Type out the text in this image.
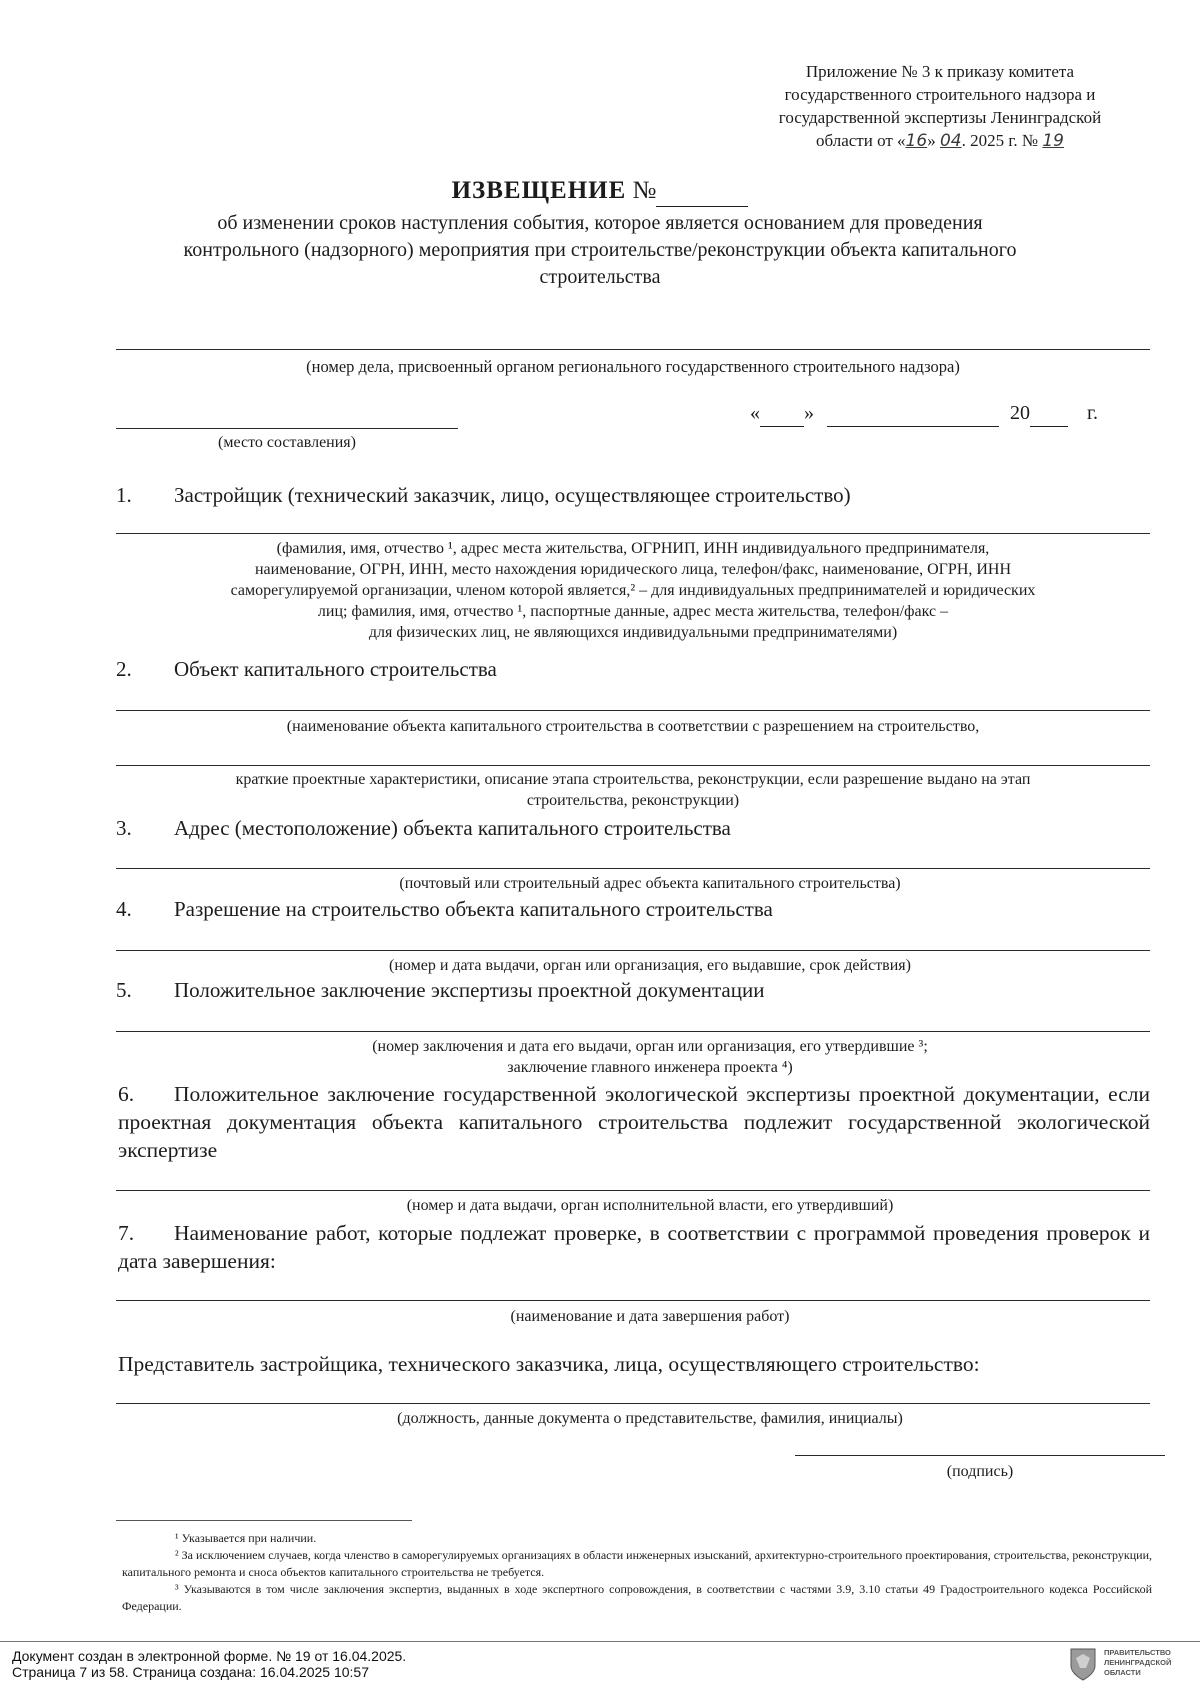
Приложение № 3 к приказу комитета
государственного строительного надзора и
государственной экспертизы Ленинградской
области от «16» 04. 2025 г. № 19
ИЗВЕЩЕНИЕ №
об изменении сроков наступления события, которое является основанием для проведения
контрольного (надзорного) мероприятия при строительстве/реконструкции объекта капитального
строительства
(номер дела, присвоенный органом регионального государственного строительного надзора)
(место составления)
« »	20	г.
1. Застройщик (технический заказчик, лицо, осуществляющее строительство)
(фамилия, имя, отчество ¹, адрес места жительства, ОГРНИП, ИНН индивидуального предпринимателя,
наименование, ОГРН, ИНН, место нахождения юридического лица, телефон/факс, наименование, ОГРН, ИНН
саморегулируемой организации, членом которой является,² – для индивидуальных предпринимателей и юридических
лиц; фамилия, имя, отчество ¹, паспортные данные, адрес места жительства, телефон/факс –
для физических лиц, не являющихся индивидуальными предпринимателями)
2. Объект капитального строительства
(наименование объекта капитального строительства в соответствии с разрешением на строительство,
краткие проектные характеристики, описание этапа строительства, реконструкции, если разрешение выдано на этап
строительства, реконструкции)
3. Адрес (местоположение) объекта капитального строительства
(почтовый или строительный адрес объекта капитального строительства)
4. Разрешение на строительство объекта капитального строительства
(номер и дата выдачи, орган или организация, его выдавшие, срок действия)
5. Положительное заключение экспертизы проектной документации
(номер заключения и дата его выдачи, орган или организация, его утвердившие ³;
заключение главного инженера проекта ⁴)
6. Положительное заключение государственной экологической экспертизы проектной документации, если проектная документация объекта капитального строительства подлежит государственной экологической экспертизе
(номер и дата выдачи, орган исполнительной власти, его утвердивший)
7. Наименование работ, которые подлежат проверке, в соответствии с программой проведения проверок и дата завершения:
(наименование и дата завершения работ)
Представитель застройщика, технического заказчика, лица, осуществляющего строительство:
(должность, данные документа о представительстве, фамилия, инициалы)
(подпись)
¹ Указывается при наличии.
² За исключением случаев, когда членство в саморегулируемых организациях в области инженерных изысканий, архитектурно-строительного проектирования, строительства, реконструкции, капитального ремонта и сноса объектов капитального строительства не требуется.
³ Указываются в том числе заключения экспертиз, выданных в ходе экспертного сопровождения, в соответствии с частями 3.9, 3.10 статьи 49 Градостроительного кодекса Российской Федерации.
Документ создан в электронной форме. № 19 от 16.04.2025.
Страница 7 из 58. Страница создана: 16.04.2025 10:57
ПРАВИТЕЛЬСТВО
ЛЕНИНГРАДСКОЙ
ОБЛАСТИ
